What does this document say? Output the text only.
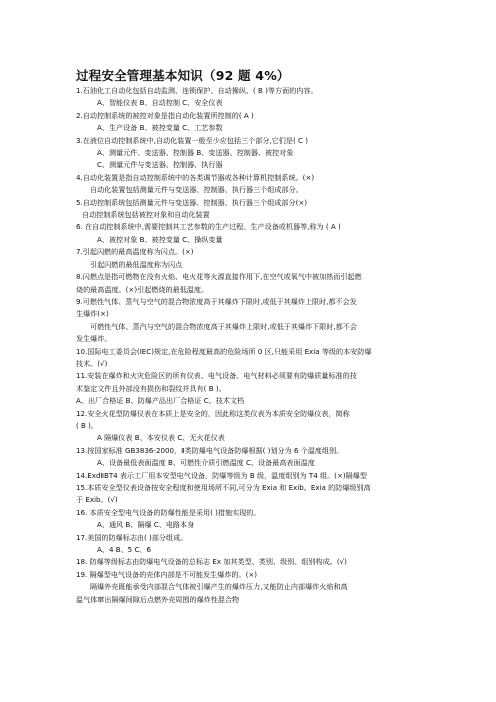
过程安全管理基本知识（92 题 4%）
1.石油化工自动化包括自动监测、连锁保护、自动操纵、( B )等方面的内容。
A、智能仪表 B、自动控制 C、安全仪表
2.自动控制系统的被控对象是指自动化装置所控制的( A )
A、生产设备 B、被控变量 C、工艺参数
3.在液位自动控制系统中,自动化装置一般至少应包括三个部分,它们是( C )
A、测量元件、变送器、控制器 B、变送器、控制器、被控对象
C、测量元件与变送器、控制器、执行器
4.自动化装置是指自动控制系统中的各类调节器或各种计算机控制系统。(×)
自动化装置包括测量元件与变送器、控制器、执行器三个组成部分。
5.自动控制系统包括测量元件与变送器、控制器、执行器三个组成部分(×)
自动控制系统包括被控对象和自动化装置
6. 在自动控制系统中,需要控制其工艺参数的生产过程、生产设备或机器等,称为 ( A )
A、被控对象 B、被控变量 C、操纵变量
7.引起闪燃的最高温度称为闪点。(×)
引起闪燃的最低温度称为闪点
8.闪燃点是指可燃物在没有火焰、电火花等火源直接作用下,在空气或氧气中被加热而引起燃
烧的最高温度。(×)引起燃烧的最低温度。
9.可燃性气体、蒸气与空气的混合物浓度高于其爆炸下限时,或低于其爆炸上限时,都不会发
生爆炸(×)
可燃性气体、蒸汽与空气的混合物浓度高于其爆炸上限时,或低于其爆炸下限时,都不会
发生爆炸。
10.国际电工委员会(IEC)规定,在危险程度最高的危险场所 0 区,只能采用 Exia 等级的本安防爆
技术。(√)
11.安装在爆炸和火灾危险区的所有仪表、电气设备、电气材料必须要有防爆质量标准的技
术鉴定文件且外部没有损伤和裂纹并具有( B )。
A、出厂合格证 B、防爆产品出厂合格证 C、技术文档
12.安全火花型防爆仪表在本质上是安全的，因此称这类仪表为本质安全防爆仪表，简称
( B )。
A 隔爆仪表 B、本安仪表 C、无火花仪表
13.按国家标准 GB3836-2000，Ⅱ类防爆电气设备防爆根据( )划分为 6 个温度组别。
A、设备最低表面温度 B、可燃性介质引燃温度 C、设备最高表面温度
14.ExdⅡBT4 表示工厂用本安型电气设备，防爆等级为 B 级，温度组别为 T4 组。(×)隔爆型
15.本质安全型仪表设备按安全程度和使用场所不同,可分为 Exia 和 Exib。Exia 的防爆级别高
于 Exib。(√)
16. 本质安全型电气设备的防爆性能是采用( )措施实现的。
A、通风 B、隔爆 C、电路本身
17.美国的防爆标志由( )部分组成。
A、4 B、5 C、6
18. 防爆等级标志由防爆电气设备的总标志 Ex 加其类型、类别、级别、组别构成。(√)
19. 隔爆型电气设备的壳体内部是不可能发生爆炸的。(×)
隔爆外壳既能承受内部混合气体被引爆产生的爆炸压力,又能防止内部爆炸火焰和高
温气体窜出隔爆间隙后点燃外壳周围的爆炸性混合物
